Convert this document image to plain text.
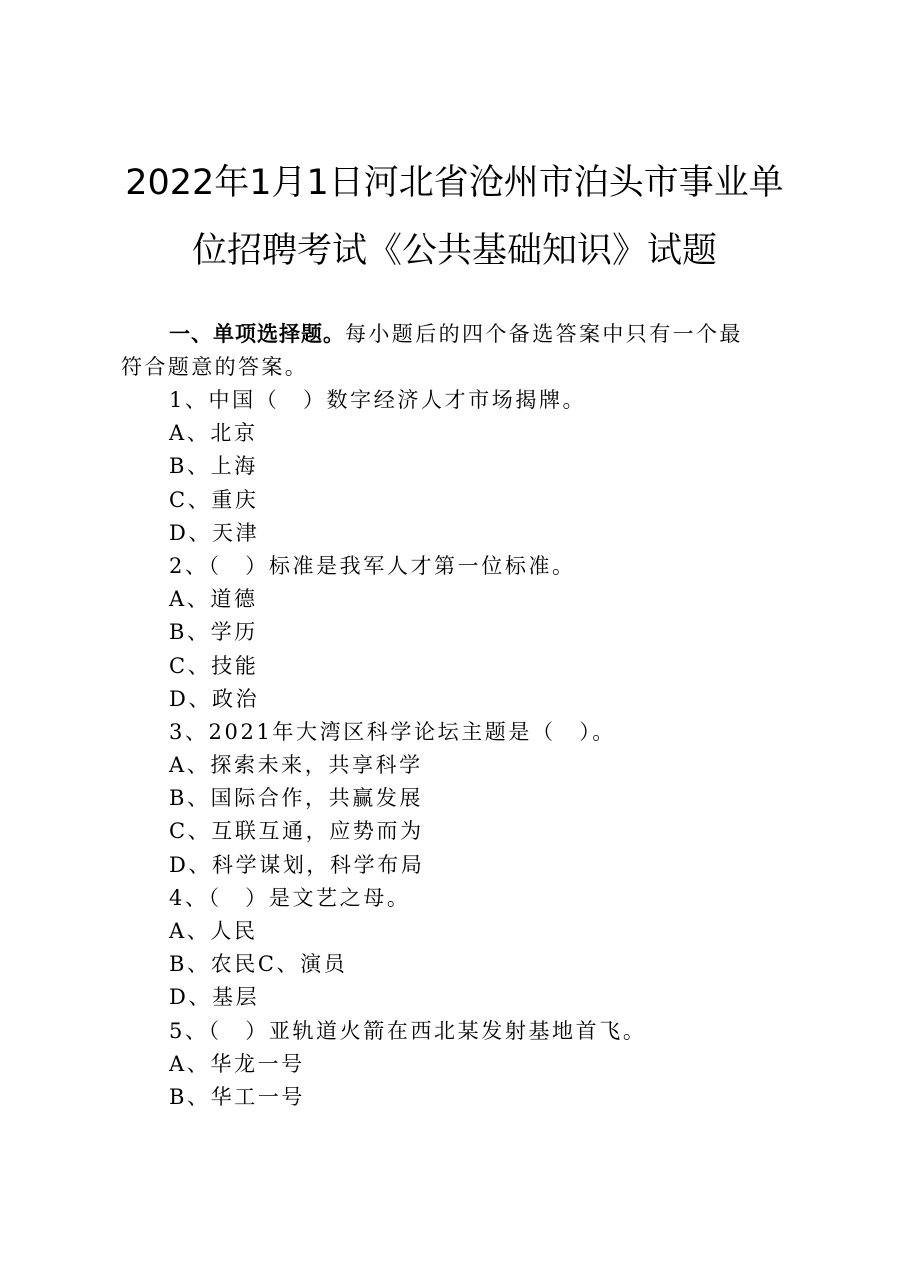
2022年1月1日河北省沧州市泊头市事业单
位招聘考试《公共基础知识》试题
一、单项选择题。每小题后的四个备选答案中只有一个最
符合题意的答案。
1、中国（　）数字经济人才市场揭牌。
A、北京
B、上海
C、重庆
D、天津
2、（　）标准是我军人才第一位标准。
A、道德
B、学历
C、技能
D、政治
3、2021年大湾区科学论坛主题是（　）。
A、探索未来，共享科学
B、国际合作，共赢发展
C、互联互通，应势而为
D、科学谋划，科学布局
4、（　）是文艺之母。
A、人民
B、农民C、演员
D、基层
5、（　）亚轨道火箭在西北某发射基地首飞。
A、华龙一号
B、华工一号
